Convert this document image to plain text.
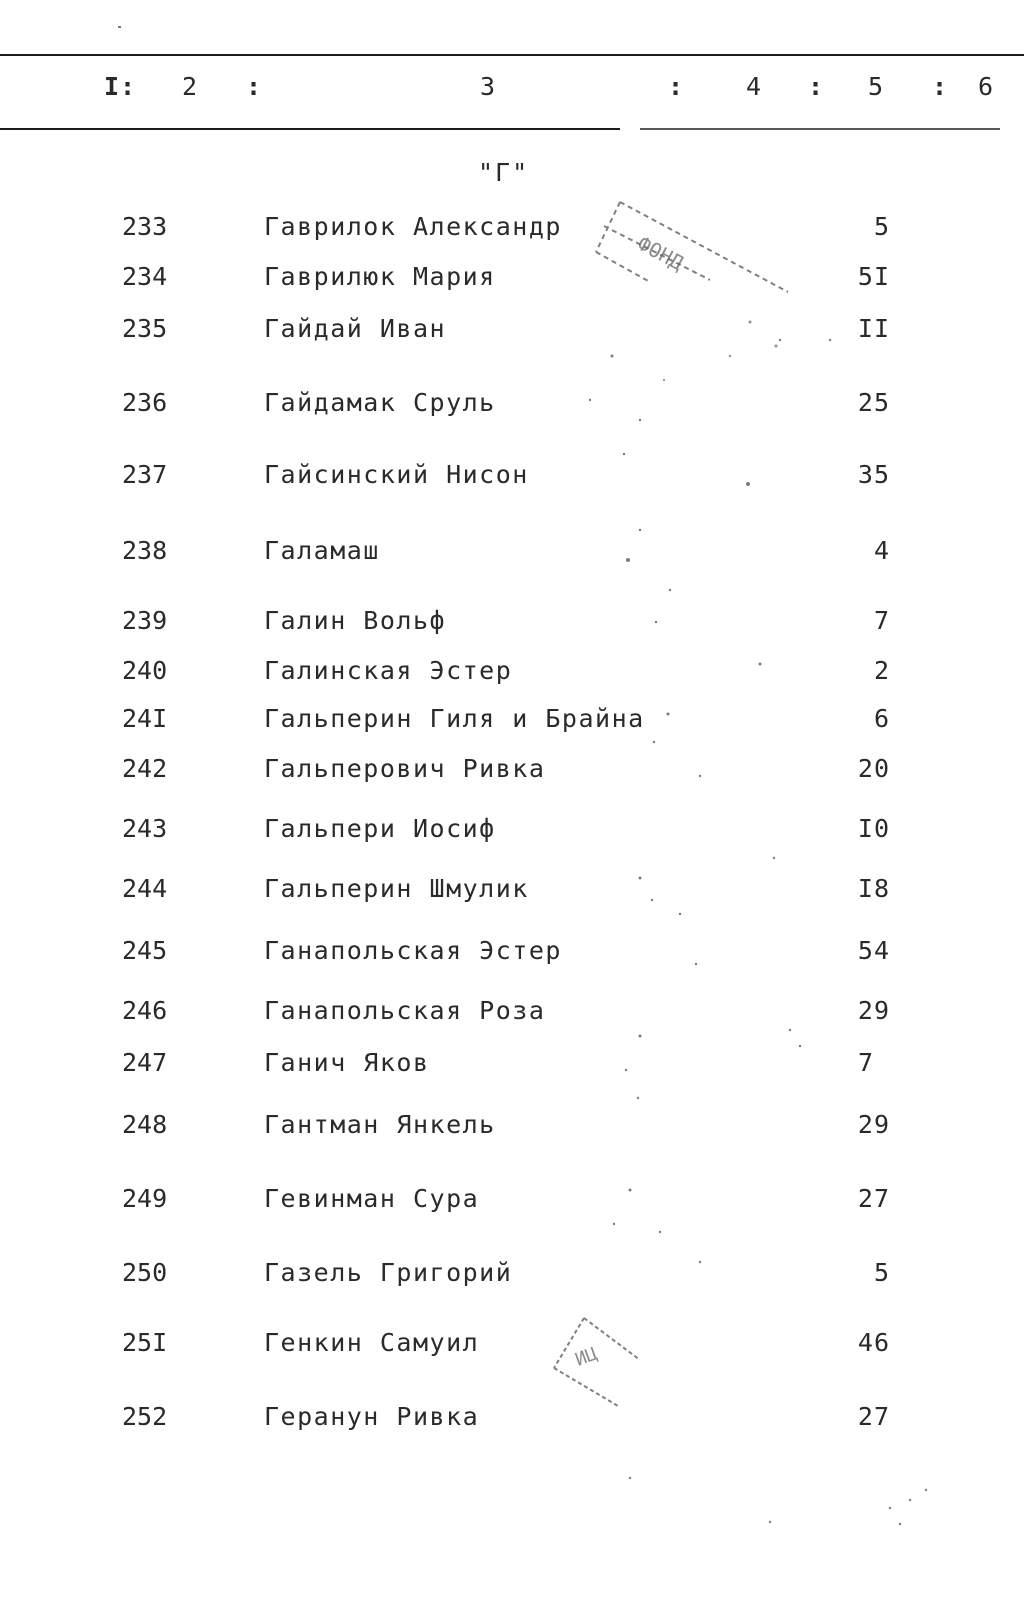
I: 2 :	3	: 4 : 5 : 6
"Г"
233	Гаврилок Александр	5
234	Гаврилюк Мария	5I
235	Гайдай Иван	II
236	Гайдамак Сруль	25
237	Гайсинский Нисон	35
238	Галамаш	4
239	Галин Вольф	7
240	Галинская Эстер	2
24I	Гальперин Гиля и Брайна	6
242	Гальперович Ривка	20
243	Гальпери Иосиф	I0
244	Гальперин Шмулик	I8
245	Ганапольская Эстер	54
246	Ганапольская Роза	29
247	Ганич Яков	7
248	Гантман Янкель	29
249	Гевинман Сура	27
250	Газель Григорий	5
25I	Генкин Самуил	46
252	Геранун Ривка	27
ФОНД
ИЦ
